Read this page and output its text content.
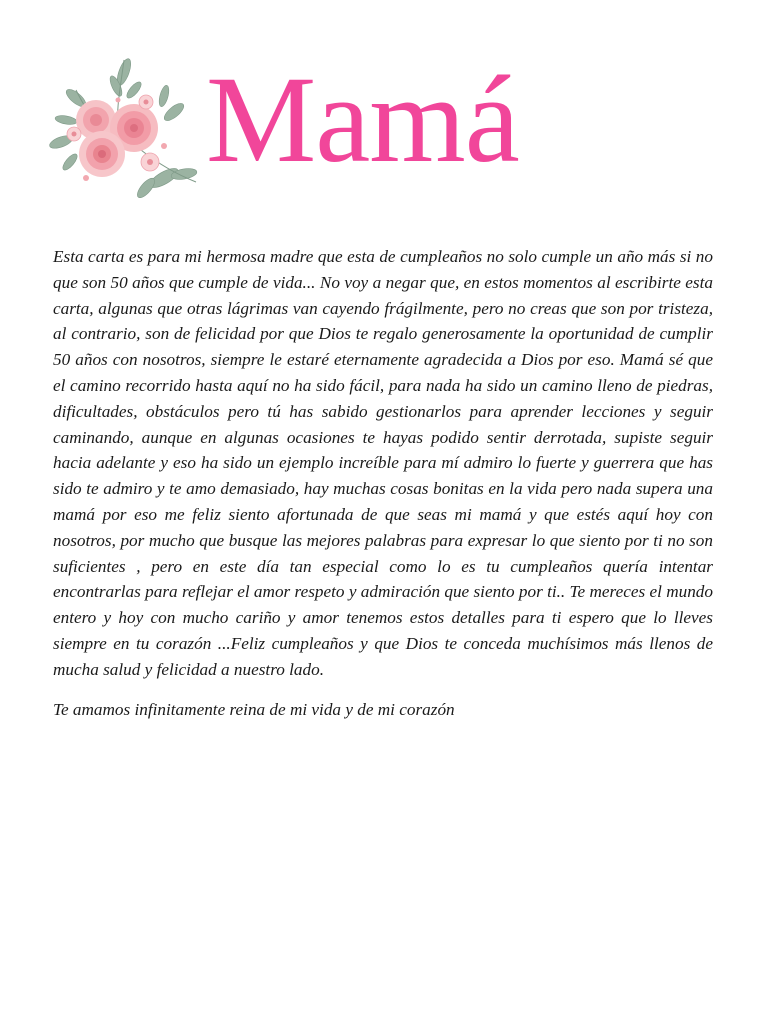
Mamá

Esta carta es para mi hermosa madre que esta de cumpleaños no solo cumple un año más si no que son 50 años que cumple de vida... No voy a negar que, en estos momentos al escribirte esta carta, algunas que otras lágrimas van cayendo frágilmente, pero no creas que son por tristeza, al contrario, son de felicidad por que Dios te regalo generosamente la oportunidad de cumplir 50 años con nosotros, siempre le estaré eternamente agradecida a Dios por eso. Mamá sé que el camino recorrido hasta aquí no ha sido fácil, para nada ha sido un camino lleno de piedras, dificultades, obstáculos pero tú has sabido gestionarlos para aprender lecciones y seguir caminando, aunque en algunas ocasiones te hayas podido sentir derrotada, supiste seguir hacia adelante y eso ha sido un ejemplo increíble para mí admiro lo fuerte y guerrera que has sido te admiro y te amo demasiado, hay muchas cosas bonitas en la vida pero nada supera una mamá por eso me feliz siento afortunada de que seas mi mamá y que estés aquí hoy con nosotros, por mucho que busque las mejores palabras para expresar lo que siento por ti no son suficientes , pero en este día tan especial como lo es tu cumpleaños quería intentar encontrarlas para reflejar el amor respeto y admiración que siento por ti.. Te mereces el mundo entero y hoy con mucho cariño y amor tenemos estos detalles para ti espero que lo lleves siempre en tu corazón ...Feliz cumpleaños y que Dios te conceda muchísimos más llenos de mucha salud y felicidad a nuestro lado.

Te amamos infinitamente reina de mi vida y de mi corazón
